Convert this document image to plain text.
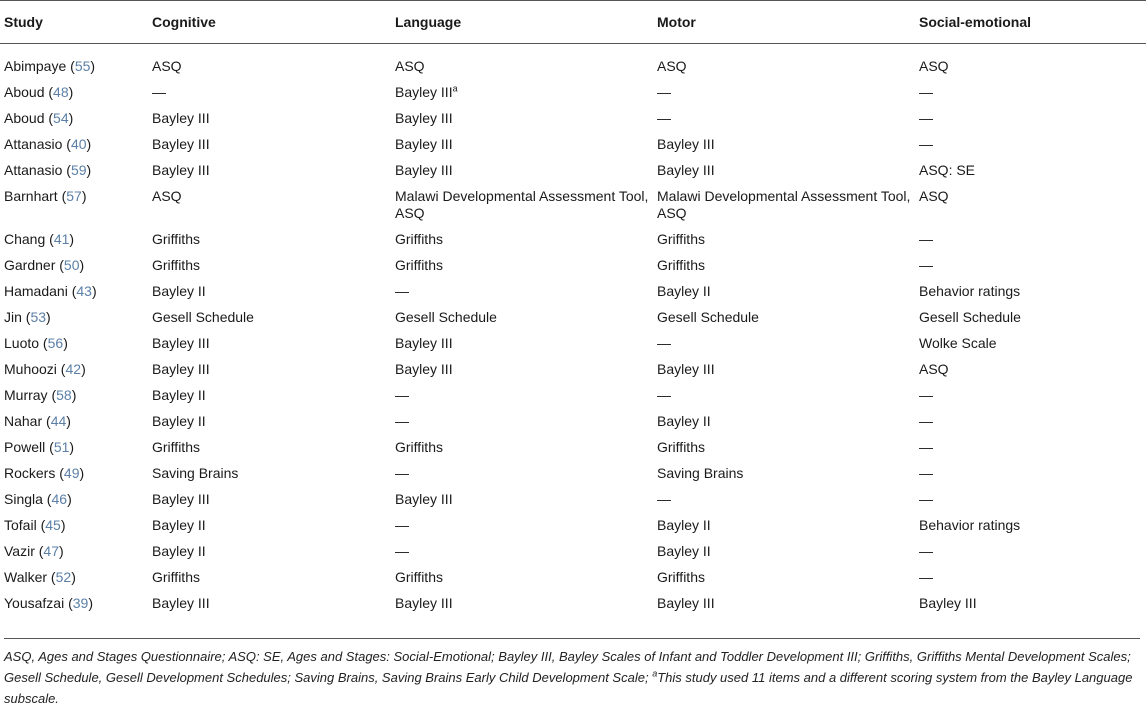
Study	Cognitive	Language	Motor	Social-emotional
Abimpaye (55)	ASQ	ASQ	ASQ	ASQ
Aboud (48)	—	Bayley III$^a$	—	—
Aboud (54)	Bayley III	Bayley III	—	—
Attanasio (40)	Bayley III	Bayley III	Bayley III	—
Attanasio (59)	Bayley III	Bayley III	Bayley III	ASQ: SE
Barnhart (57)	ASQ	Malawi Developmental Assessment Tool, ASQ	Malawi Developmental Assessment Tool, ASQ	ASQ
Chang (41)	Griffiths	Griffiths	Griffiths	—
Gardner (50)	Griffiths	Griffiths	Griffiths	—
Hamadani (43)	Bayley II	—	Bayley II	Behavior ratings
Jin (53)	Gesell Schedule	Gesell Schedule	Gesell Schedule	Gesell Schedule
Luoto (56)	Bayley III	Bayley III	—	Wolke Scale
Muhoozi (42)	Bayley III	Bayley III	Bayley III	ASQ
Murray (58)	Bayley II	—	—	—
Nahar (44)	Bayley II	—	Bayley II	—
Powell (51)	Griffiths	Griffiths	Griffiths	—
Rockers (49)	Saving Brains	—	Saving Brains	—
Singla (46)	Bayley III	Bayley III	—	—
Tofail (45)	Bayley II	—	Bayley II	Behavior ratings
Vazir (47)	Bayley II	—	Bayley II	—
Walker (52)	Griffiths	Griffiths	Griffiths	—
Yousafzai (39)	Bayley III	Bayley III	Bayley III	Bayley III
ASQ, Ages and Stages Questionnaire; ASQ: SE, Ages and Stages: Social-Emotional; Bayley III, Bayley Scales of Infant and Toddler Development III; Griffiths, Griffiths Mental Development Scales; Gesell Schedule, Gesell Development Schedules; Saving Brains, Saving Brains Early Child Development Scale; $^a$This study used 11 items and a different scoring system from the Bayley Language subscale.
